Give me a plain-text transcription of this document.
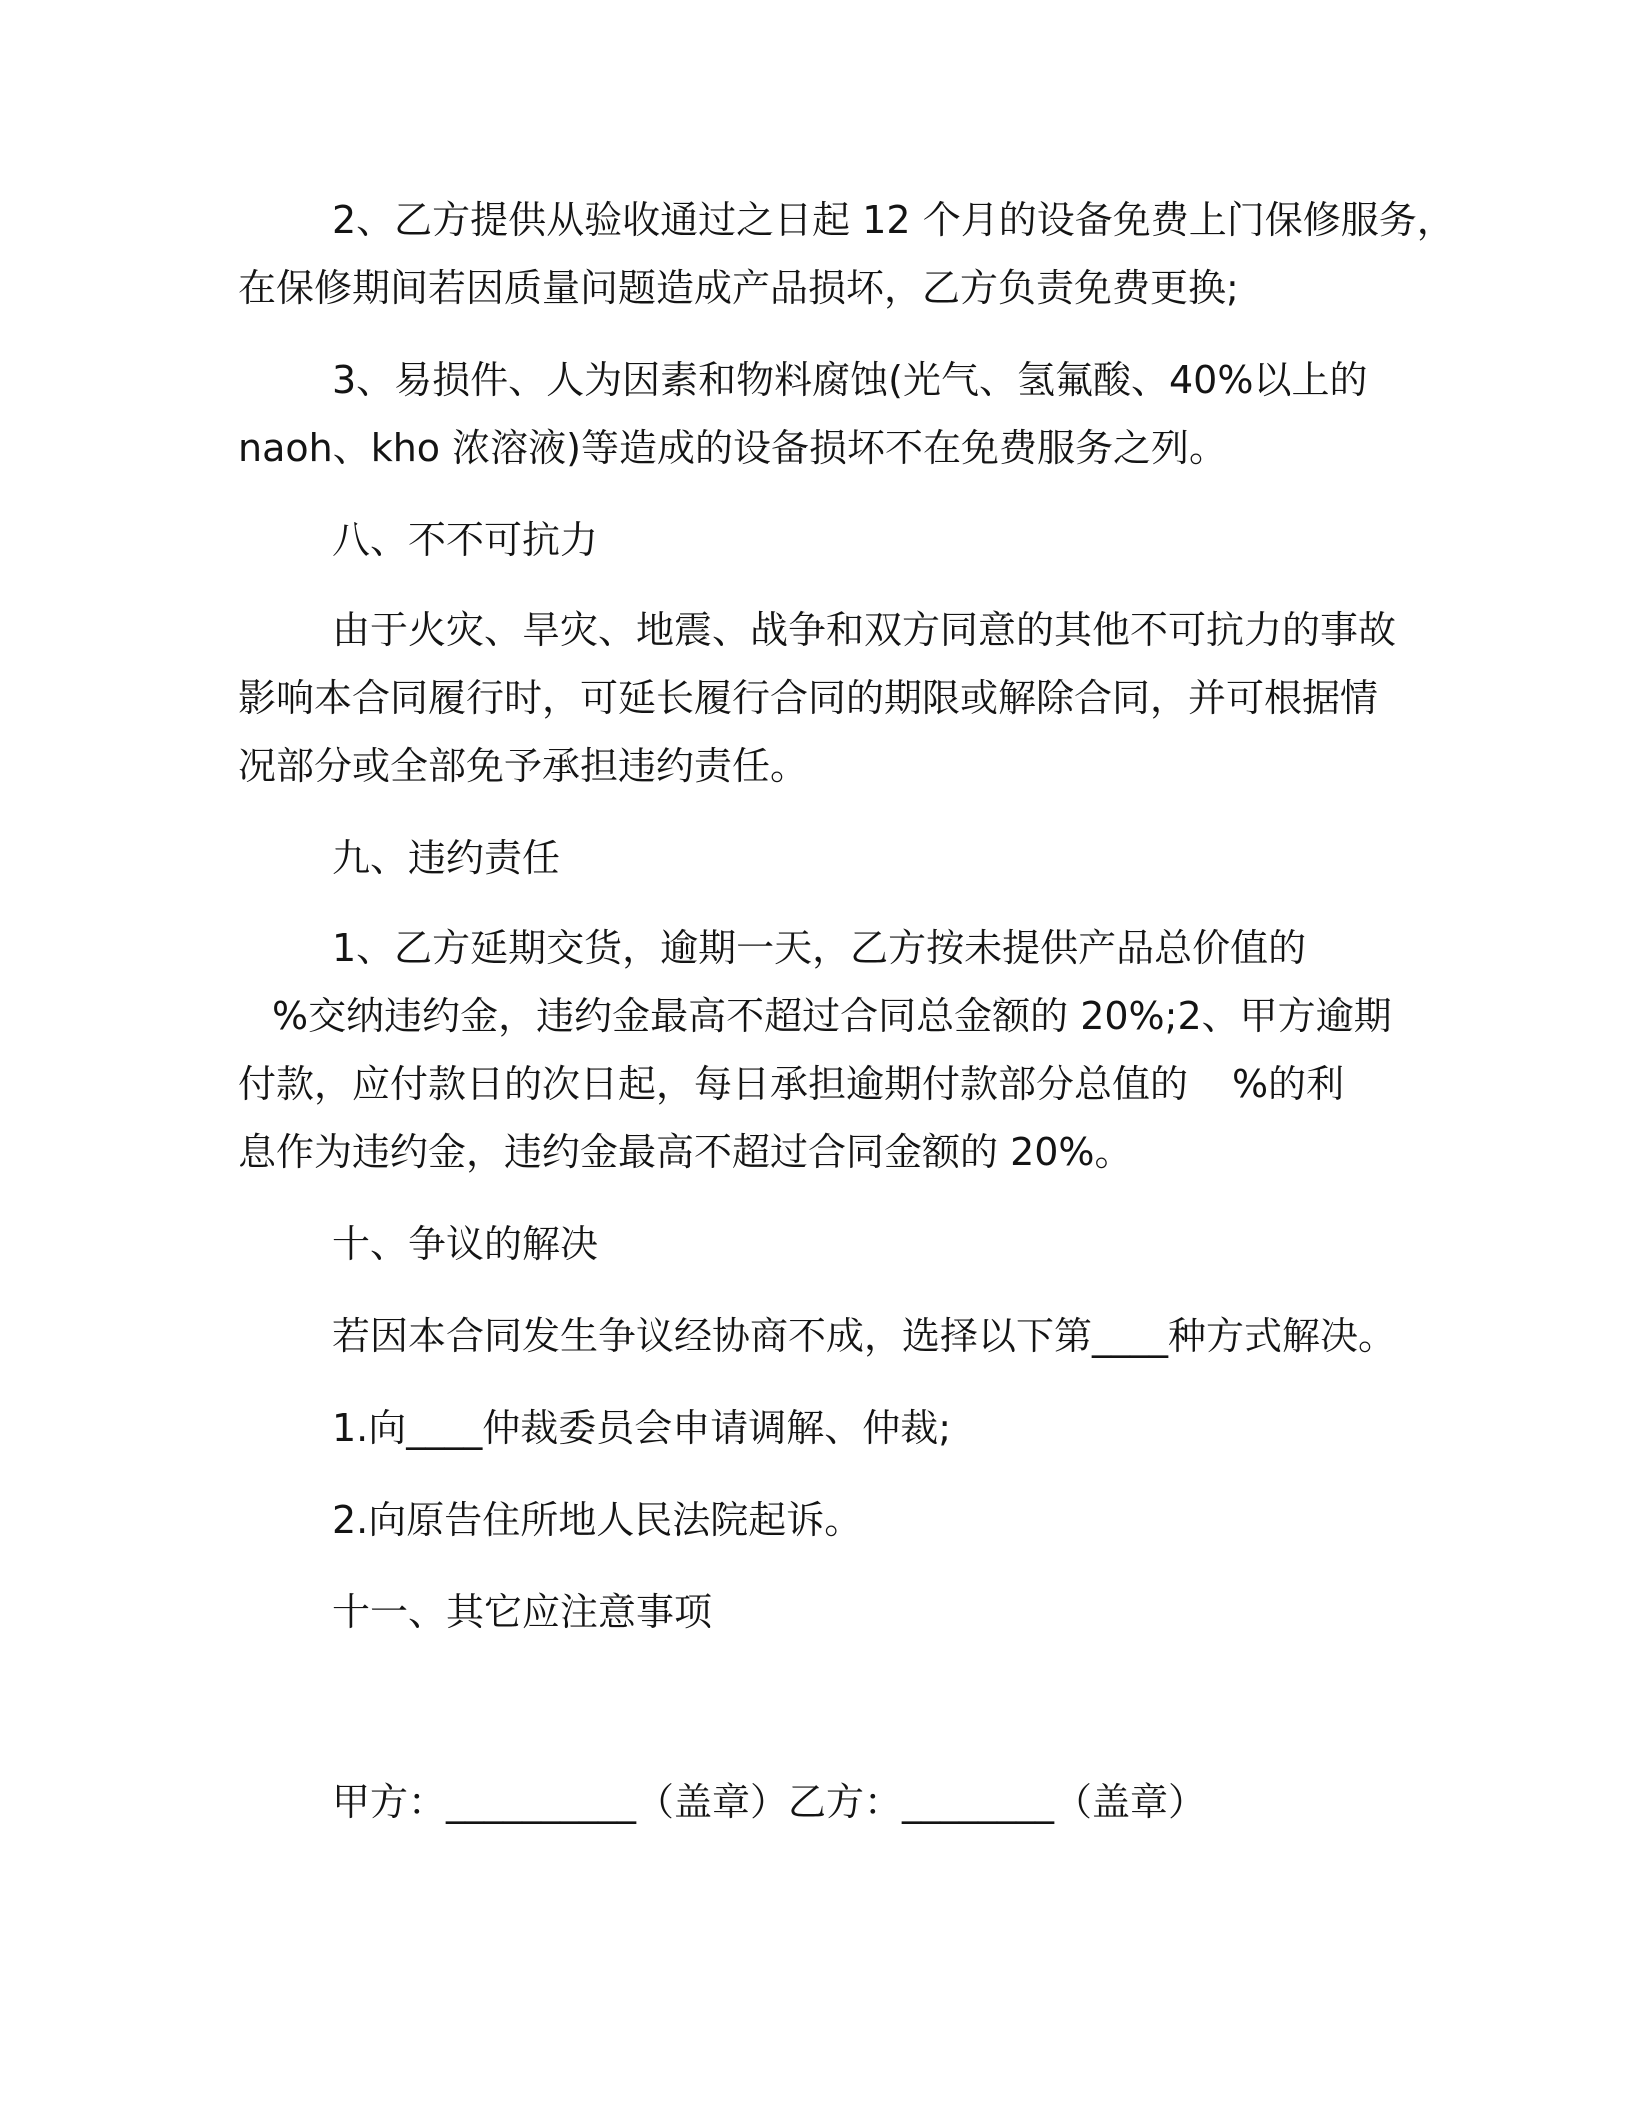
2、乙方提供从验收通过之日起 12 个月的设备免费上门保修服务，

在保修期间若因质量问题造成产品损坏，乙方负责免费更换;

3、易损件、人为因素和物料腐蚀(光气、氢氟酸、40%以上的

naoh、kho 浓溶液)等造成的设备损坏不在免费服务之列。

八、不不可抗力

由于火灾、旱灾、地震、战争和双方同意的其他不可抗力的事故

影响本合同履行时，可延长履行合同的期限或解除合同，并可根据情

况部分或全部免予承担违约责任。

九、违约责任

1、乙方延期交货，逾期一天，乙方按未提供产品总价值的

%交纳违约金，违约金最高不超过合同总金额的 20%;2、甲方逾期

付款，应付款日的次日起，每日承担逾期付款部分总值的 %的利

息作为违约金，违约金最高不超过合同金额的 20%。

十、争议的解决

若因本合同发生争议经协商不成，选择以下第____种方式解决。

1.向____仲裁委员会申请调解、仲裁;

2.向原告住所地人民法院起诉。

十一、其它应注意事项

甲方：__________（盖章）乙方：________（盖章）
